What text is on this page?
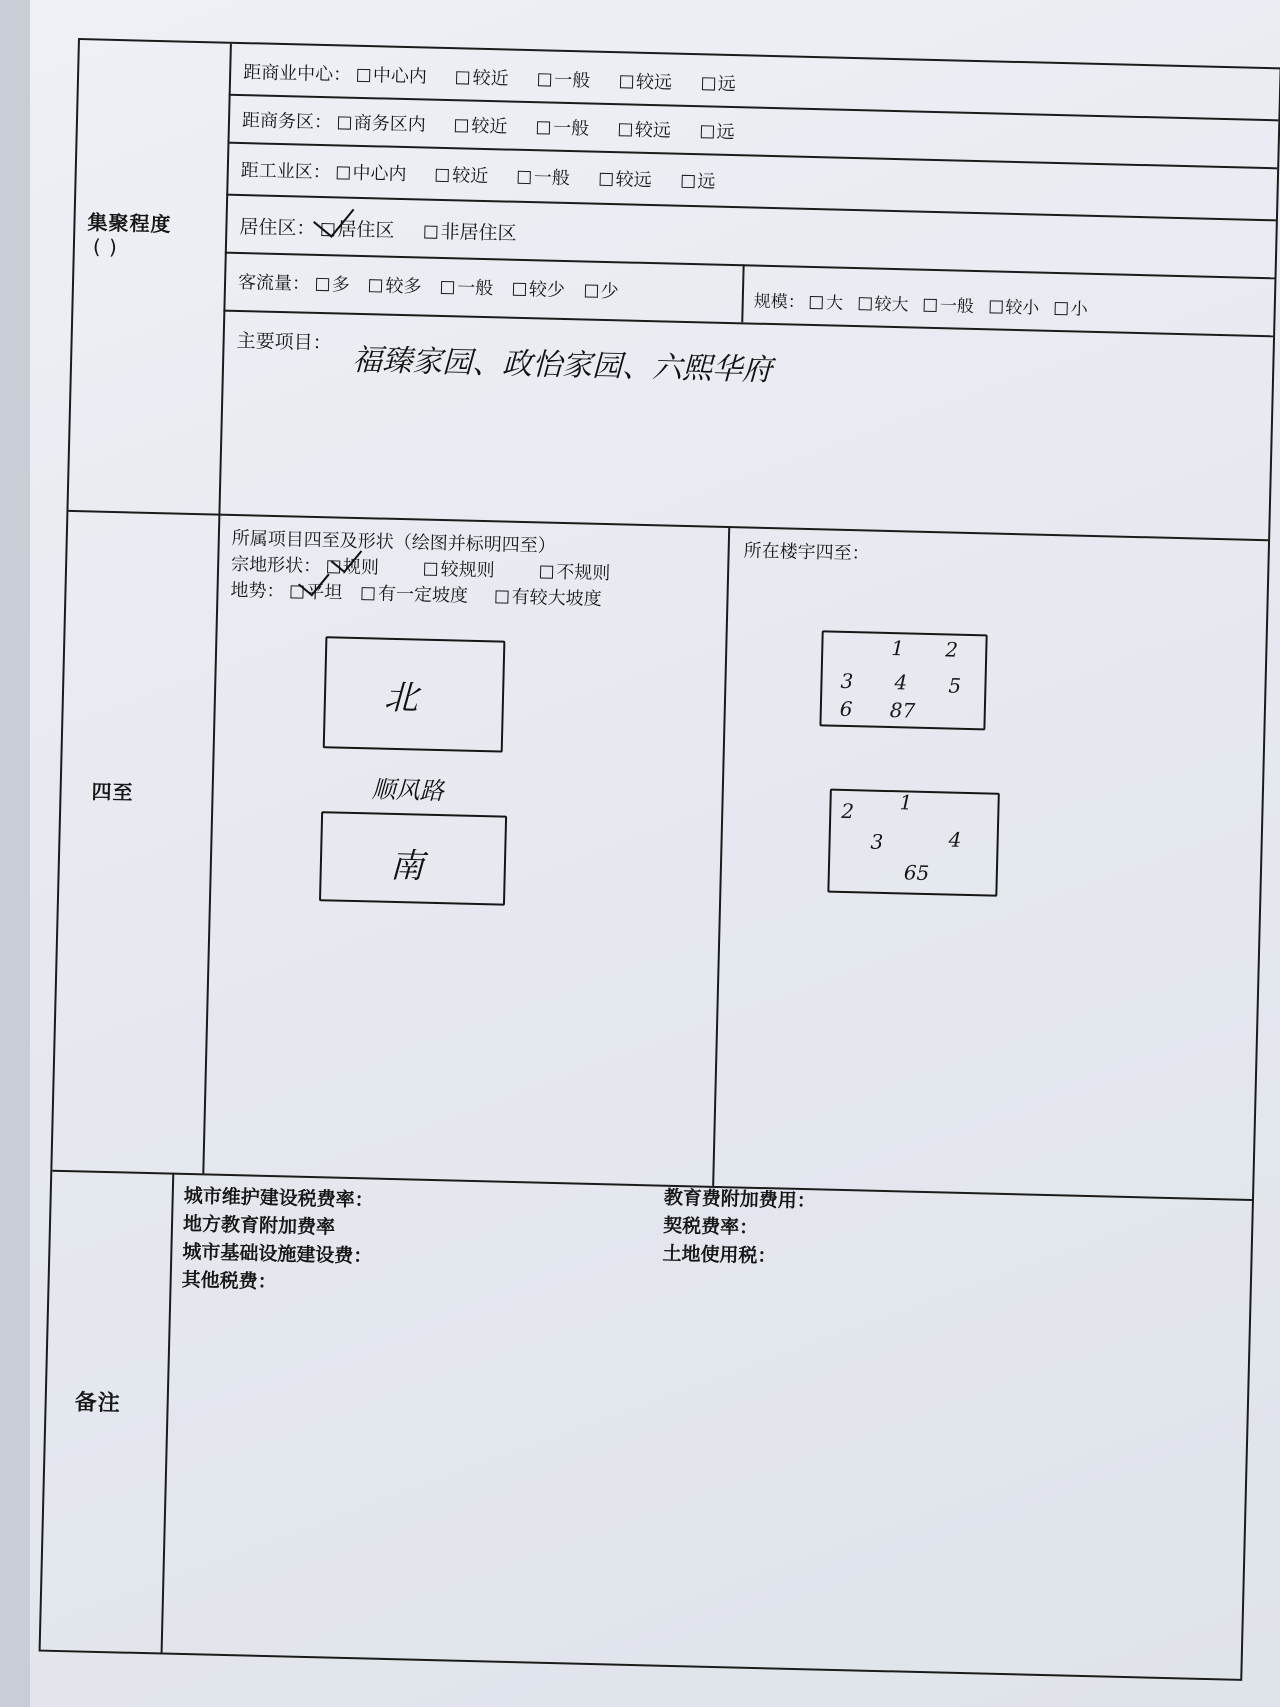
集聚程度
( )
四至
备注
距商业中心： 中心内	较近	一般	较远	远
距商务区： 商务区内	较近	一般	较远	远
距工业区： 中心内	较近	一般	较远	远
居住区： 居住区 非居住区
客流量： 多 较多 一般 较少 少	规模： 大 较大 一般 较小 小
主要项目：
福臻家园、政怡家园、六熙华府
所属项目四至及形状（绘图并标明四至）
宗地形状： 规则	较规则	不规则
地势： 平坦 有一定坡度 有较大坡度
北
顺风路
南
所在楼宇四至：
1 2
3 4 5
6 87
2 1
3	4
65
城市维护建设税费率：
地方教育附加费率
城市基础设施建设费：
其他税费：
教育费附加费用：
契税费率：
土地使用税：
